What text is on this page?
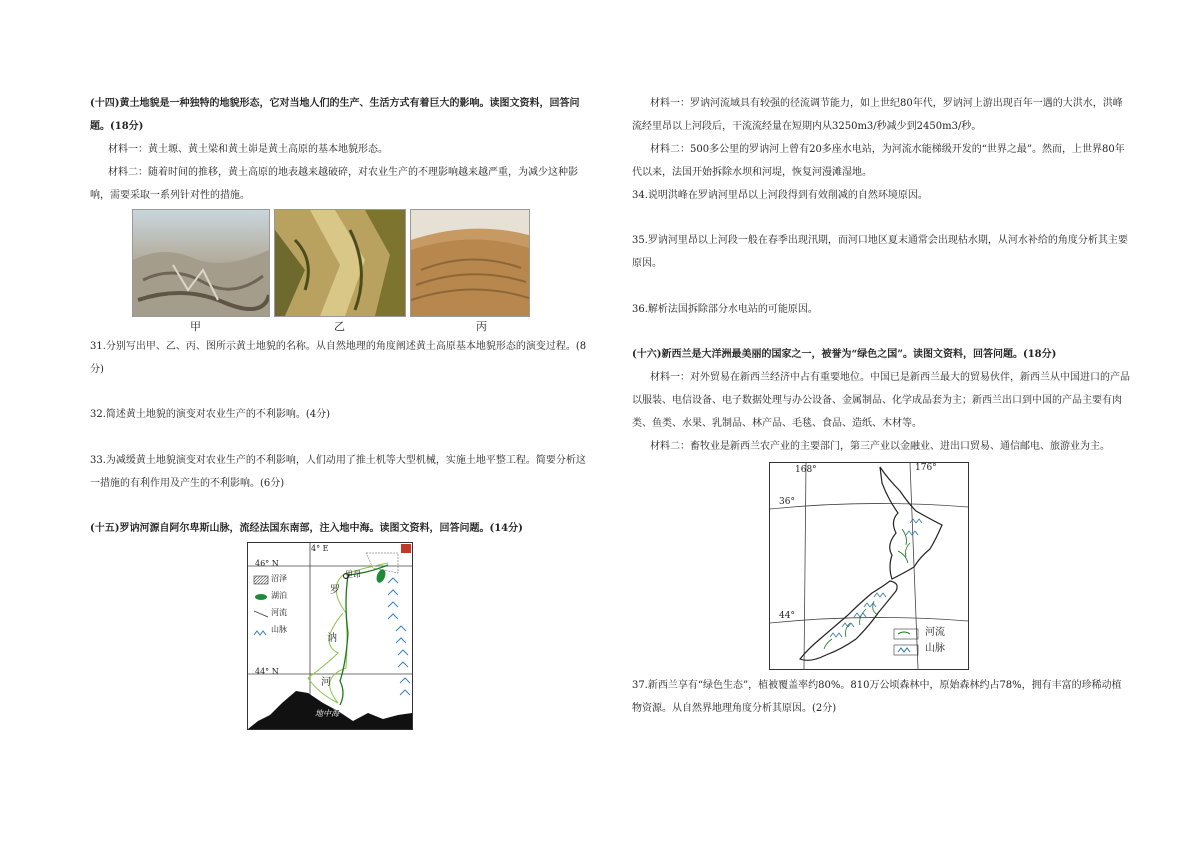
(十四)黄土地貌是一种独特的地貌形态，它对当地人们的生产、生活方式有着巨大的影响。读图文资料，回答问题。(18分)

材料一：黄土塬、黄土梁和黄土峁是黄土高原的基本地貌形态。

材料二：随着时间的推移，黄土高原的地表越来越破碎，对农业生产的不理影响越来越严重，为减少这种影响，需要采取一系列针对性的措施。

甲	乙	丙

31.分别写出甲、乙、丙、图所示黄土地貌的名称。从自然地理的角度阐述黄土高原基本地貌形态的演变过程。(8分)

32.简述黄土地貌的演变对农业生产的不利影响。(4分)

33.为减缓黄土地貌演变对农业生产的不利影响，人们动用了推土机等大型机械，实施土地平整工程。简要分析这一措施的有利作用及产生的不利影响。(6分)

(十五)罗讷河源自阿尔卑斯山脉，流经法国东南部，注入地中海。读图文资料，回答问题。(14分)

46° N
4° E
44° N
里昂
罗
讷
河
地中海
沼泽
湖泊
河流
山脉

材料一：罗讷河流域具有较强的径流调节能力，如上世纪80年代，罗讷河上游出现百年一遇的大洪水，洪峰流经里昂以上河段后，干流流经量在短期内从3250m3/秒减少到2450m3/秒。

材料二：500多公里的罗讷河上曾有20多座水电站，为河流水能梯级开发的“世界之最”。然而，上世界80年代以来，法国开始拆除水坝和河堤，恢复河漫滩湿地。

34.说明洪峰在罗讷河里昂以上河段得到有效削减的自然环境原因。

35.罗讷河里昂以上河段一般在春季出现汛期，而河口地区夏末通常会出现枯水期，从河水补给的角度分析其主要原因。

36.解析法国拆除部分水电站的可能原因。

(十六)新西兰是大洋洲最美丽的国家之一，被誉为“绿色之国”。读图文资料，回答问题。(18分)

材料一：对外贸易在新西兰经济中占有重要地位。中国已是新西兰最大的贸易伙伴，新西兰从中国进口的产品以服装、电信设备、电子数据处理与办公设备、金属制品、化学成品套为主；新西兰出口到中国的产品主要有肉类、鱼类、水果、乳制品、林产品、毛毯、食品、造纸、木材等。

材料二：畜牧业是新西兰农产业的主要部门，第三产业以金融业、进出口贸易、通信邮电、旅游业为主。

168°	176°
36°
44°
河流
山脉

37.新西兰享有“绿色生态”，植被覆盖率约80%。810万公顷森林中，原始森林约占78%，拥有丰富的珍稀动植物资源。从自然界地理角度分析其原因。(2分)
